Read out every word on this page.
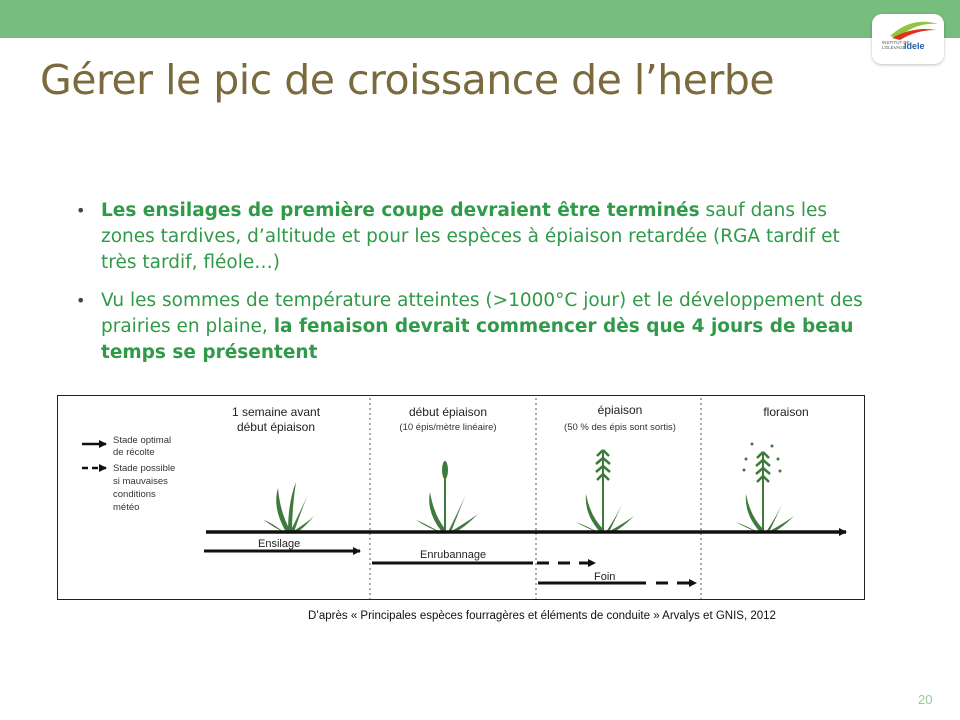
INSTITUT DE
L’ÉLEVAGE
idele
Gérer le pic de croissance de l’herbe
• Les ensilages de première coupe devraient être terminés sauf dans les zones tardives, d’altitude et pour les espèces à épiaison retardée (RGA tardif et très tardif, fléole…)
• Vu les sommes de température atteintes (>1000°C jour) et le développement des prairies en plaine, la fenaison devrait commencer dès que 4 jours de beau temps se présentent
Stade optimal
de récolte
Stade possible
si mauvaises
conditions
météo
1 semaine avant
début épiaison
début épiaison
(10 épis/mètre linéaire)
épiaison
(50 % des épis sont sortis)
floraison
Ensilage
Enrubannage
Foin
D’après « Principales espèces fourragères et éléments de conduite » Arvalys et GNIS, 2012
20
